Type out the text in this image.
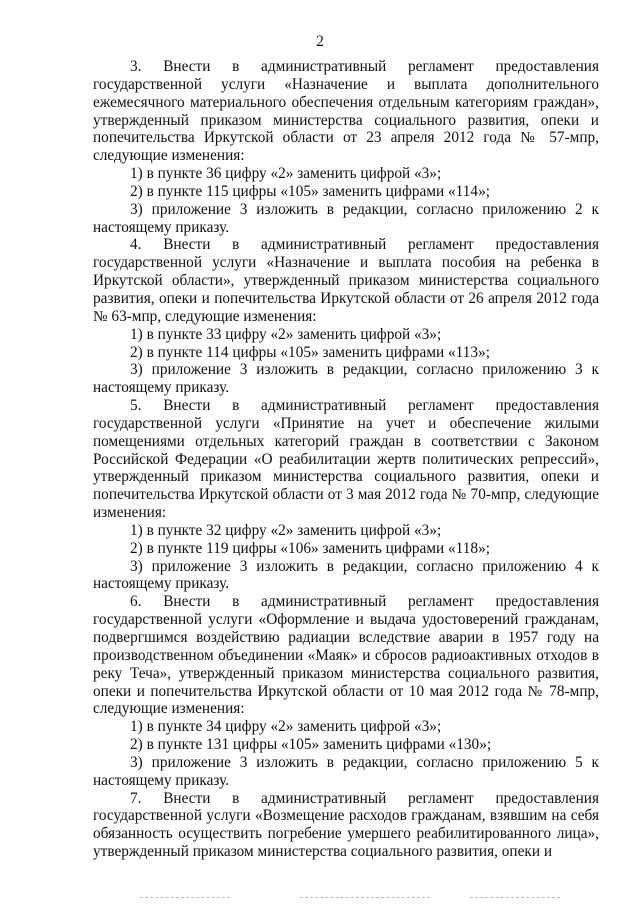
2

3. Внести в административный регламент предоставления государственной услуги «Назначение и выплата дополнительного ежемесячного материального обеспечения отдельным категориям граждан», утвержденный приказом министерства социального развития, опеки и попечительства Иркутской области от 23 апреля 2012 года № 57-мпр, следующие изменения:

1) в пункте 36 цифру «2» заменить цифрой «3»;

2) в пункте 115 цифры «105» заменить цифрами «114»;

3) приложение 3 изложить в редакции, согласно приложению 2 к настоящему приказу.

4. Внести в административный регламент предоставления государственной услуги «Назначение и выплата пособия на ребенка в Иркутской области», утвержденный приказом министерства социального развития, опеки и попечительства Иркутской области от 26 апреля 2012 года № 63-мпр, следующие изменения:

1) в пункте 33 цифру «2» заменить цифрой «3»;

2) в пункте 114 цифры «105» заменить цифрами «113»;

3) приложение 3 изложить в редакции, согласно приложению 3 к настоящему приказу.

5. Внести в административный регламент предоставления государственной услуги «Принятие на учет и обеспечение жилыми помещениями отдельных категорий граждан в соответствии с Законом Российской Федерации «О реабилитации жертв политических репрессий», утвержденный приказом министерства социального развития, опеки и попечительства Иркутской области от 3 мая 2012 года № 70-мпр, следующие изменения:

1) в пункте 32 цифру «2» заменить цифрой «3»;

2) в пункте 119 цифры «106» заменить цифрами «118»;

3) приложение 3 изложить в редакции, согласно приложению 4 к настоящему приказу.

6. Внести в административный регламент предоставления государственной услуги «Оформление и выдача удостоверений гражданам, подвергшимся воздействию радиации вследствие аварии в 1957 году на производственном объединении «Маяк» и сбросов радиоактивных отходов в реку Теча», утвержденный приказом министерства социального развития, опеки и попечительства Иркутской области от 10 мая 2012 года № 78-мпр, следующие изменения:

1) в пункте 34 цифру «2» заменить цифрой «3»;

2) в пункте 131 цифры «105» заменить цифрами «130»;

3) приложение 3 изложить в редакции, согласно приложению 5 к настоящему приказу.

7. Внести в административный регламент предоставления государственной услуги «Возмещение расходов гражданам, взявшим на себя обязанность осуществить погребение умершего реабилитированного лица», утвержденный приказом министерства социального развития, опеки и
